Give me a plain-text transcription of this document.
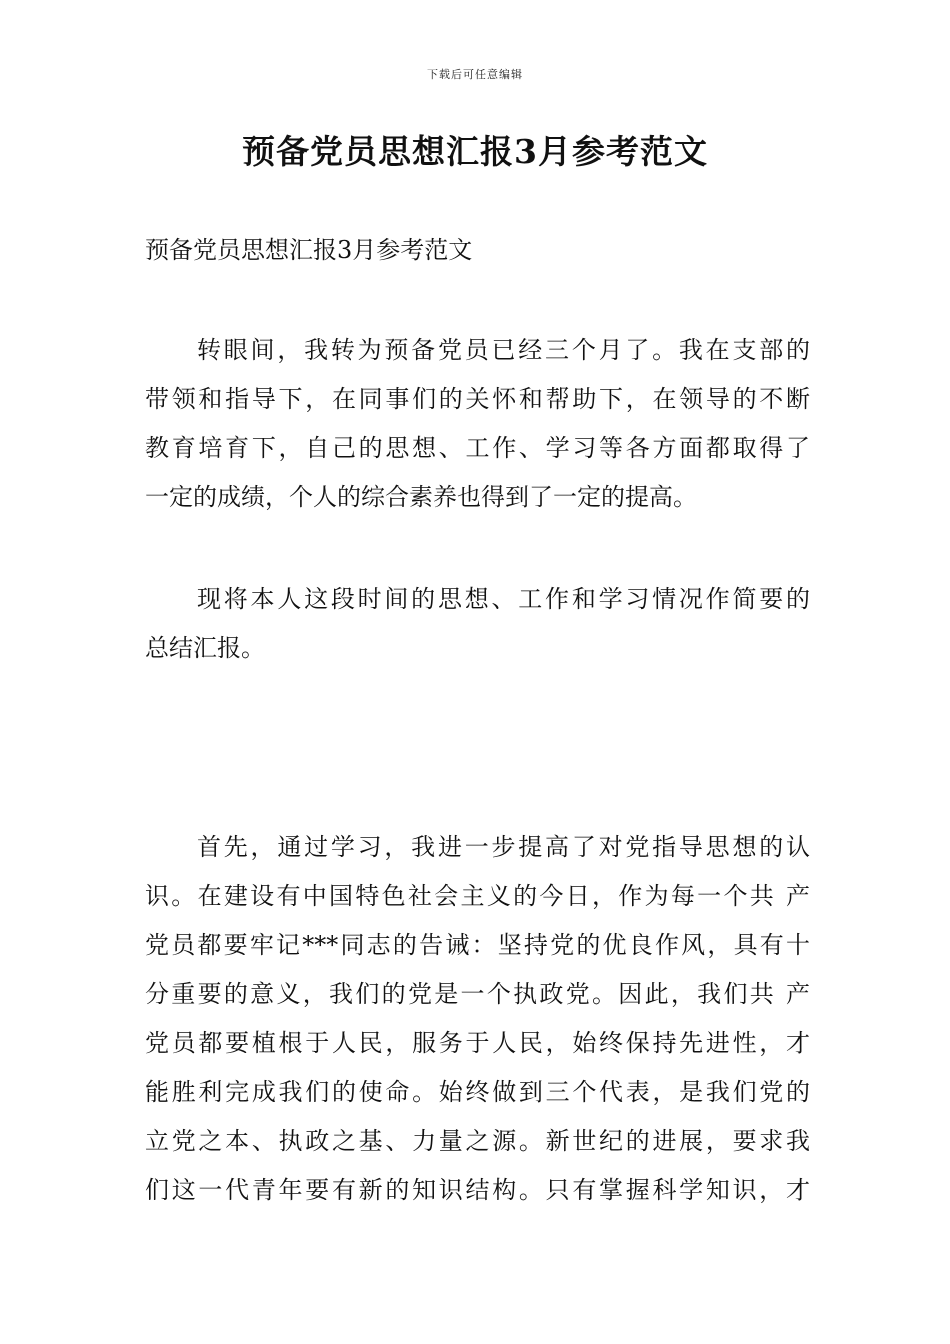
下载后可任意编辑
预备党员思想汇报3月参考范文

预备党员思想汇报3月参考范文

转眼间，我转为预备党员已经三个月了。我在支部的
带领和指导下，在同事们的关怀和帮助下，在领导的不断
教育培育下，自己的思想、工作、学习等各方面都取得了
一定的成绩，个人的综合素养也得到了一定的提高。
现将本人这段时间的思想、工作和学习情况作简要的
总结汇报。
首先，通过学习，我进一步提高了对党指导思想的认
识。在建设有中国特色社会主义的今日，作为每一个共 产
党员都要牢记***同志的告诫：坚持党的优良作风，具有十
分重要的意义，我们的党是一个执政党。因此，我们共 产
党员都要植根于人民，服务于人民，始终保持先进性，才
能胜利完成我们的使命。始终做到三个代表，是我们党的
立党之本、执政之基、力量之源。新世纪的进展，要求我
们这一代青年要有新的知识结构。只有掌握科学知识，才
